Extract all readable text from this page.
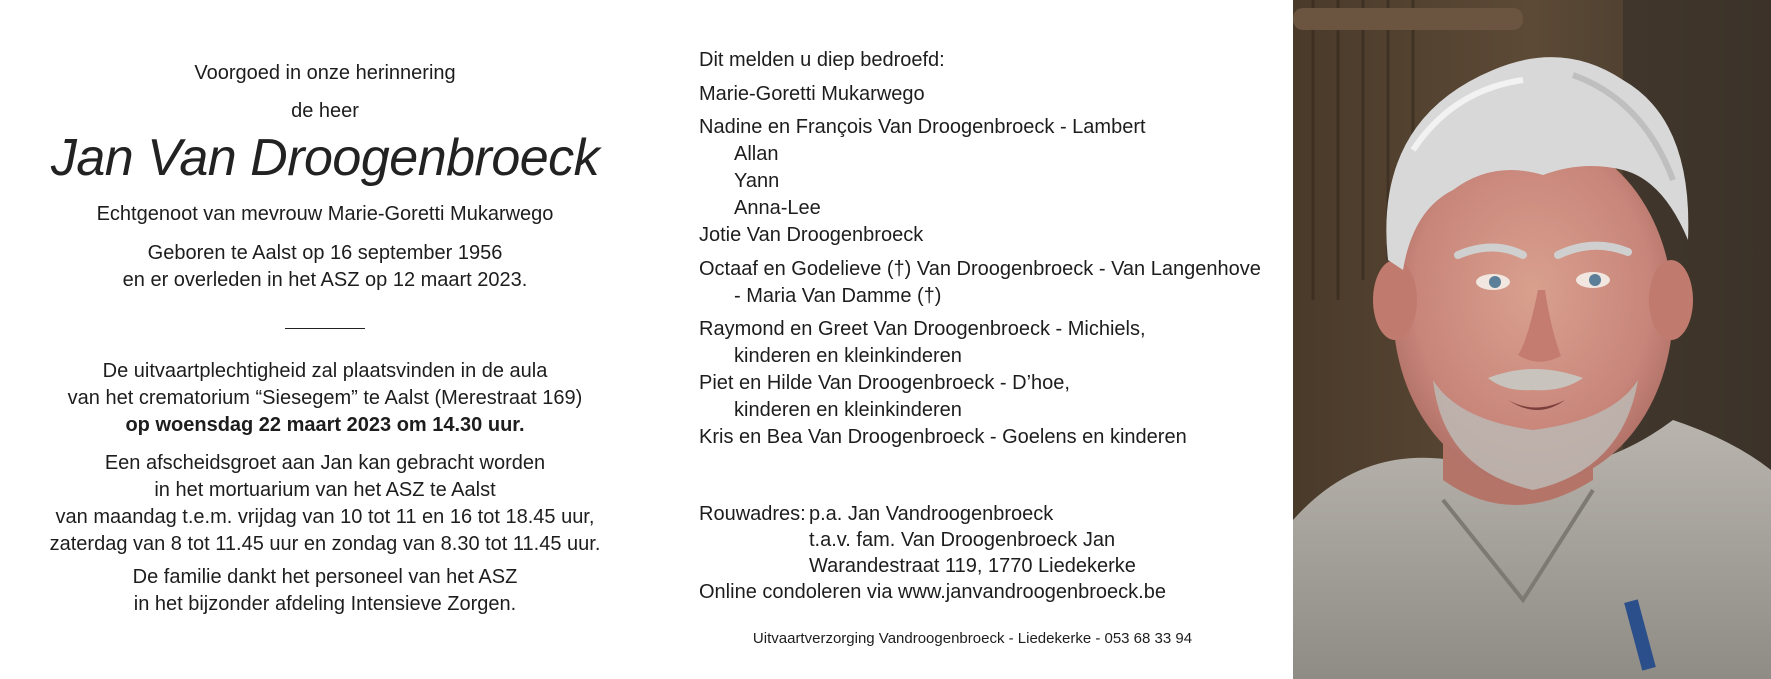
Voorgoed in onze herinnering
de heer
Jan Van Droogenbroeck
Echtgenoot van mevrouw Marie-Goretti Mukarwego
Geboren te Aalst op 16 september 1956
en er overleden in het ASZ op 12 maart 2023.
De uitvaartplechtigheid zal plaatsvinden in de aula
van het crematorium “Siesegem” te Aalst (Merestraat 169)
op woensdag 22 maart 2023 om 14.30 uur.
Een afscheidsgroet aan Jan kan gebracht worden
in het mortuarium van het ASZ te Aalst
van maandag t.e.m. vrijdag van 10 tot 11 en 16 tot 18.45 uur,
zaterdag van 8 tot 11.45 uur en zondag van 8.30 tot 11.45 uur.
De familie dankt het personeel van het ASZ
in het bijzonder afdeling Intensieve Zorgen.
Dit melden u diep bedroefd:
Marie-Goretti Mukarwego
Nadine en François Van Droogenbroeck - Lambert
Allan
Yann
Anna-Lee
Jotie Van Droogenbroeck
Octaaf en Godelieve (†) Van Droogenbroeck - Van Langenhove
- Maria Van Damme (†)
Raymond en Greet Van Droogenbroeck - Michiels,
kinderen en kleinkinderen
Piet en Hilde Van Droogenbroeck - D’hoe,
kinderen en kleinkinderen
Kris en Bea Van Droogenbroeck - Goelens en kinderen
Rouwadres: p.a. Jan Vandroogenbroeck
t.a.v. fam. Van Droogenbroeck Jan
Warandestraat 119, 1770 Liedekerke
Online condoleren via www.janvandroogenbroeck.be
Uitvaartverzorging Vandroogenbroeck - Liedekerke - 053 68 33 94
